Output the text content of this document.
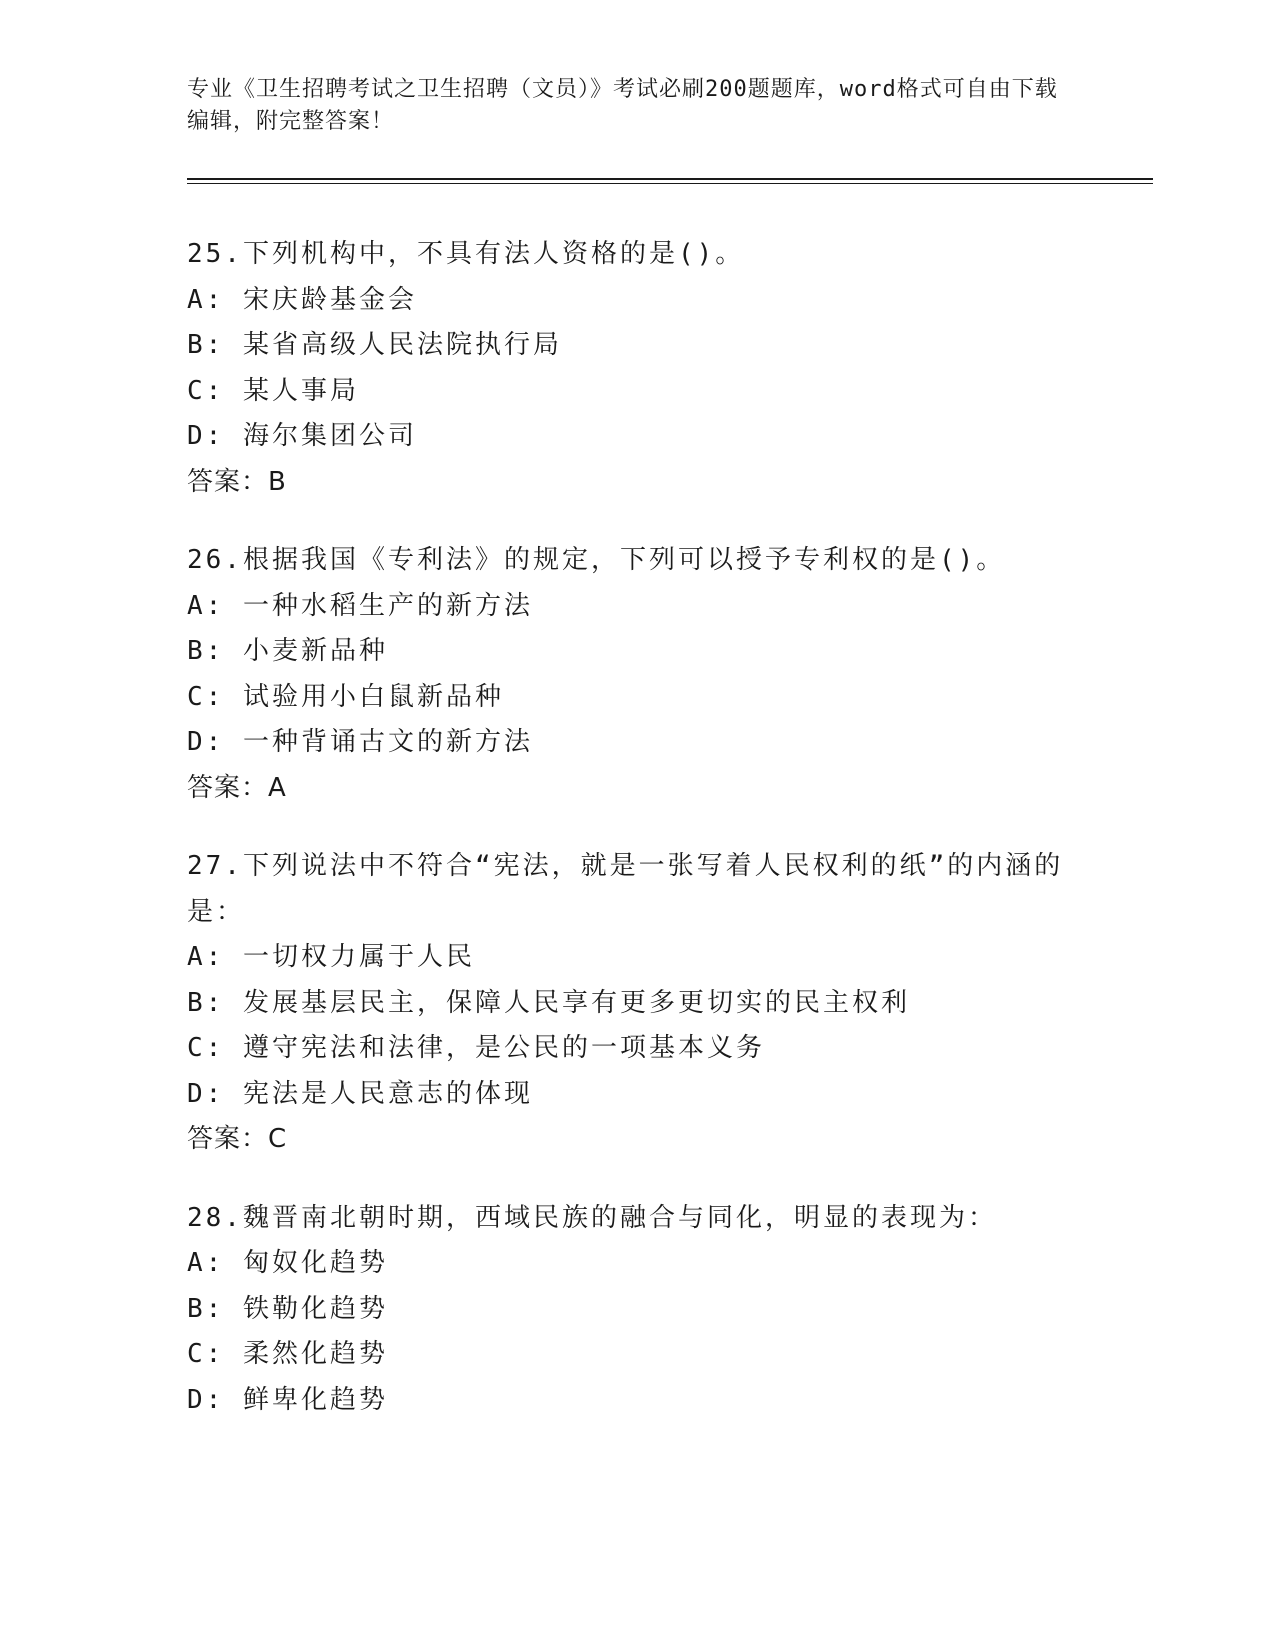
专业《卫生招聘考试之卫生招聘（文员）》考试必刷200题题库，word格式可自由下载编辑，附完整答案！

25.下列机构中，不具有法人资格的是()。

A: 宋庆龄基金会

B: 某省高级人民法院执行局

C: 某人事局

D: 海尔集团公司

答案：B

26.根据我国《专利法》的规定，下列可以授予专利权的是()。

A: 一种水稻生产的新方法

B: 小麦新品种

C: 试验用小白鼠新品种

D: 一种背诵古文的新方法

答案：A

27.下列说法中不符合“宪法，就是一张写着人民权利的纸”的内涵的是：

A: 一切权力属于人民

B: 发展基层民主，保障人民享有更多更切实的民主权利

C: 遵守宪法和法律，是公民的一项基本义务

D: 宪法是人民意志的体现

答案：C

28.魏晋南北朝时期，西域民族的融合与同化，明显的表现为：

A: 匈奴化趋势

B: 铁勒化趋势

C: 柔然化趋势

D: 鲜卑化趋势
